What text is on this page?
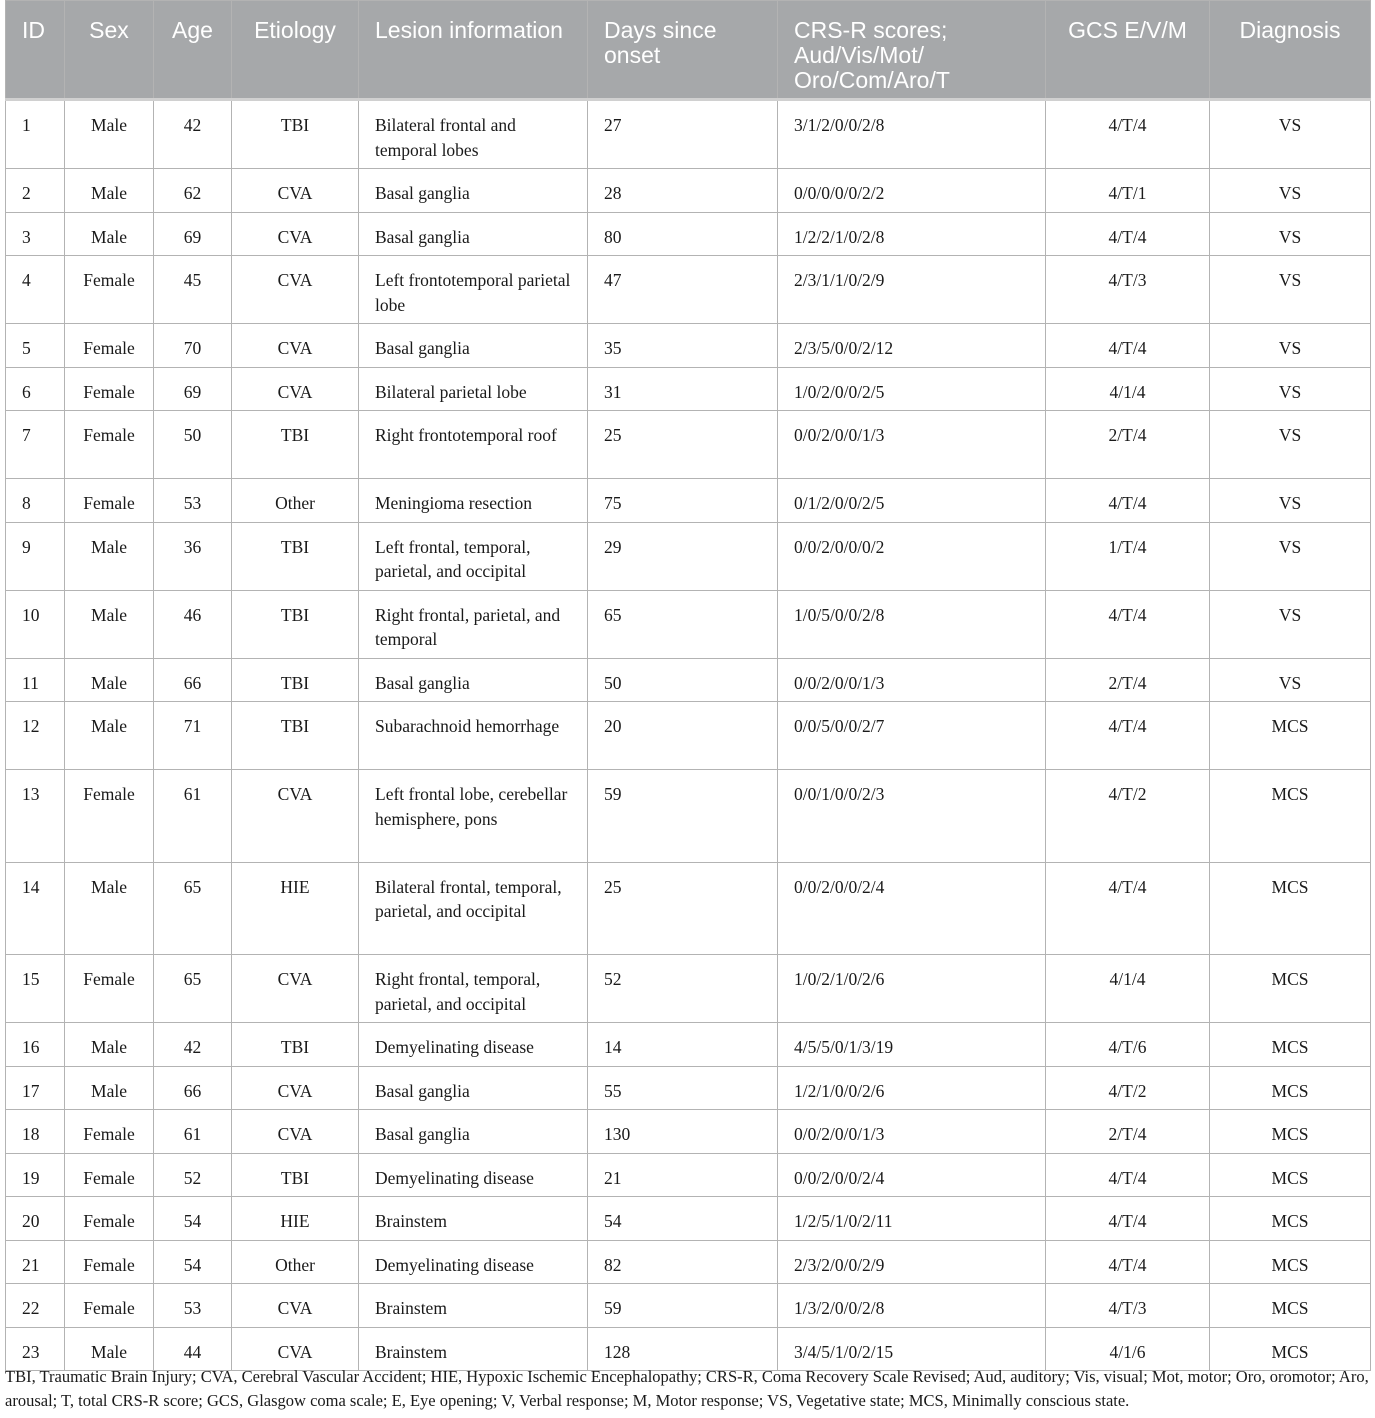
ID	Sex	Age	Etiology	Lesion information	Days since onset	CRS-R scores; Aud/Vis/Mot/ Oro/Com/Aro/T	GCS E/V/M	Diagnosis
1	Male	42	TBI	Bilateral frontal and temporal lobes	27	3/1/2/0/0/2/8	4/T/4	VS
2	Male	62	CVA	Basal ganglia	28	0/0/0/0/0/2/2	4/T/1	VS
3	Male	69	CVA	Basal ganglia	80	1/2/2/1/0/2/8	4/T/4	VS
4	Female	45	CVA	Left frontotemporal parietal lobe	47	2/3/1/1/0/2/9	4/T/3	VS
5	Female	70	CVA	Basal ganglia	35	2/3/5/0/0/2/12	4/T/4	VS
6	Female	69	CVA	Bilateral parietal lobe	31	1/0/2/0/0/2/5	4/1/4	VS
7	Female	50	TBI	Right frontotemporal roof	25	0/0/2/0/0/1/3	2/T/4	VS
8	Female	53	Other	Meningioma resection	75	0/1/2/0/0/2/5	4/T/4	VS
9	Male	36	TBI	Left frontal, temporal, parietal, and occipital	29	0/0/2/0/0/0/2	1/T/4	VS
10	Male	46	TBI	Right frontal, parietal, and temporal	65	1/0/5/0/0/2/8	4/T/4	VS
11	Male	66	TBI	Basal ganglia	50	0/0/2/0/0/1/3	2/T/4	VS
12	Male	71	TBI	Subarachnoid hemorrhage	20	0/0/5/0/0/2/7	4/T/4	MCS
13	Female	61	CVA	Left frontal lobe, cerebellar hemisphere, pons	59	0/0/1/0/0/2/3	4/T/2	MCS
14	Male	65	HIE	Bilateral frontal, temporal, parietal, and occipital	25	0/0/2/0/0/2/4	4/T/4	MCS
15	Female	65	CVA	Right frontal, temporal, parietal, and occipital	52	1/0/2/1/0/2/6	4/1/4	MCS
16	Male	42	TBI	Demyelinating disease	14	4/5/5/0/1/3/19	4/T/6	MCS
17	Male	66	CVA	Basal ganglia	55	1/2/1/0/0/2/6	4/T/2	MCS
18	Female	61	CVA	Basal ganglia	130	0/0/2/0/0/1/3	2/T/4	MCS
19	Female	52	TBI	Demyelinating disease	21	0/0/2/0/0/2/4	4/T/4	MCS
20	Female	54	HIE	Brainstem	54	1/2/5/1/0/2/11	4/T/4	MCS
21	Female	54	Other	Demyelinating disease	82	2/3/2/0/0/2/9	4/T/4	MCS
22	Female	53	CVA	Brainstem	59	1/3/2/0/0/2/8	4/T/3	MCS
23	Male	44	CVA	Brainstem	128	3/4/5/1/0/2/15	4/1/6	MCS
TBI, Traumatic Brain Injury; CVA, Cerebral Vascular Accident; HIE, Hypoxic Ischemic Encephalopathy; CRS-R, Coma Recovery Scale Revised; Aud, auditory; Vis, visual; Mot, motor; Oro, oromotor; Aro, arousal; T, total CRS-R score; GCS, Glasgow coma scale; E, Eye opening; V, Verbal response; M, Motor response; VS, Vegetative state; MCS, Minimally conscious state.
